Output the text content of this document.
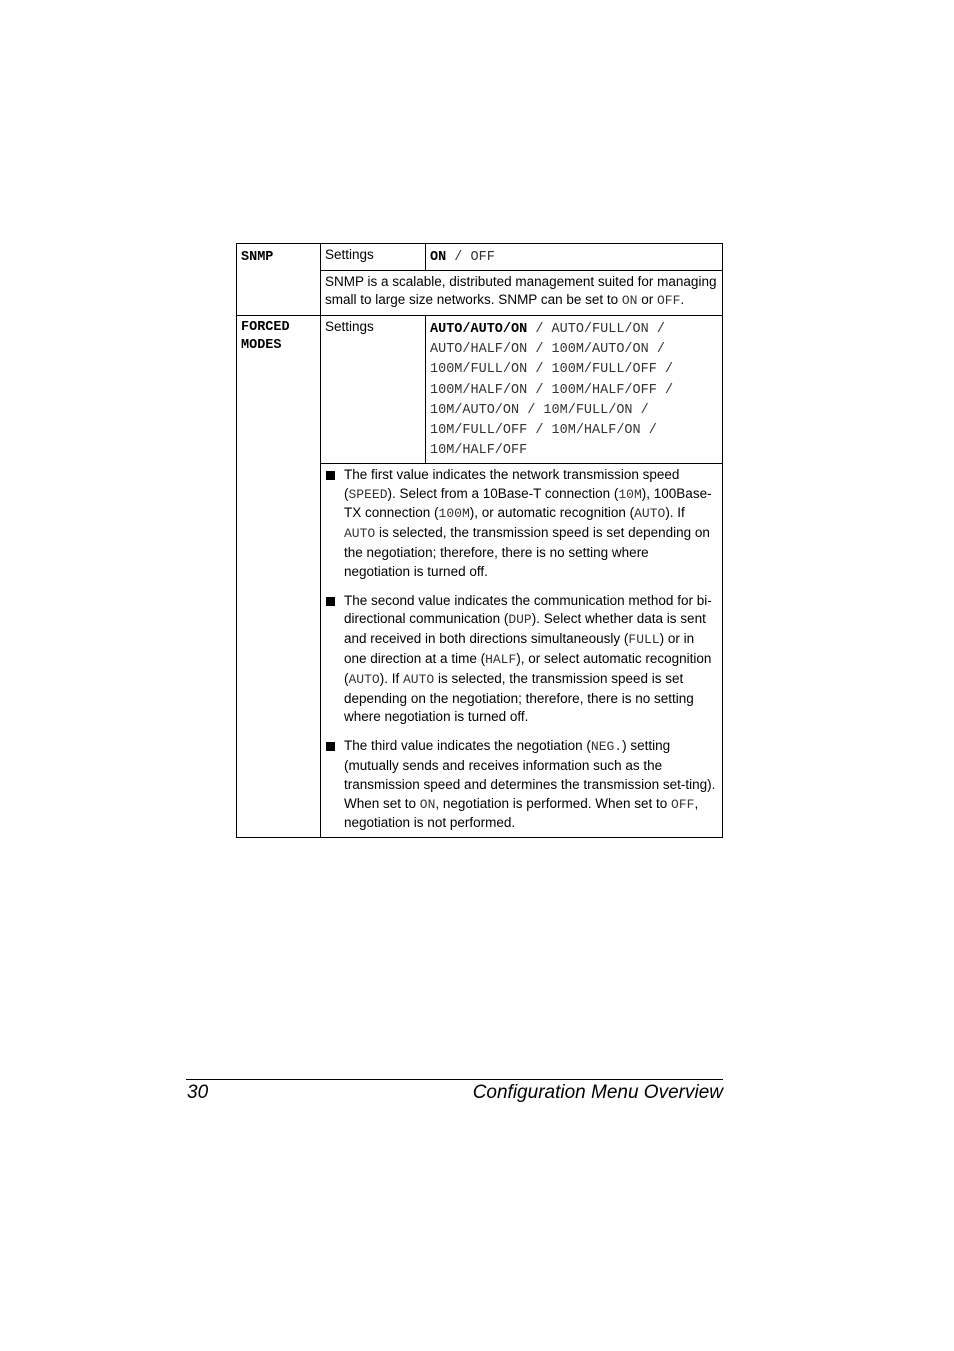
SNMP	Settings	ON / OFF
	SNMP is a scalable, distributed management suited for managing small to large size networks. SNMP can be set to ON or OFF.	

FORCED
MODES	Settings	AUTO/AUTO/ON / AUTO/FULL/ON / AUTO/HALF/ON / 100M/AUTO/ON / 100M/FULL/ON / 100M/FULL/OFF / 100M/HALF/ON / 100M/HALF/OFF / 10M/AUTO/ON / 10M/FULL/ON / 10M/FULL/OFF / 10M/HALF/ON / 10M/HALF/OFF

	The first value indicates the network transmission speed (SPEED). Select from a 10Base-T connection (10M), 100Base-TX connection (100M), or automatic recognition (AUTO). If AUTO is selected, the transmission speed is set depending on the negotiation; therefore, there is no setting where negotiation is turned off.
The second value indicates the communication method for bi-directional communication (DUP). Select whether data is sent and received in both directions simultaneously (FULL) or in one direction at a time (HALF), or select automatic recognition (AUTO). If AUTO is selected, the transmission speed is set depending on the negotiation; therefore, there is no setting where negotiation is turned off.
The third value indicates the negotiation (NEG.) setting (mutually sends and receives information such as the transmission speed and determines the transmission set-ting). When set to ON, negotiation is performed. When set to OFF, negotiation is not performed.	
30	Configuration Menu Overview
